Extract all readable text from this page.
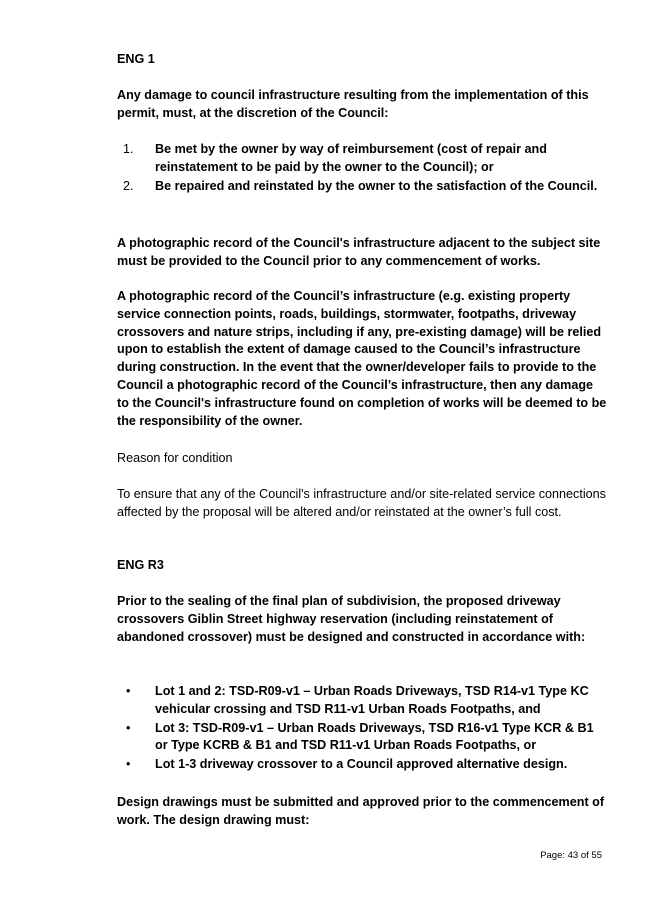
ENG 1
Any damage to council infrastructure resulting from the implementation of this permit, must, at the discretion of the Council:
1. Be met by the owner by way of reimbursement (cost of repair and reinstatement to be paid by the owner to the Council); or
2. Be repaired and reinstated by the owner to the satisfaction of the Council.
A photographic record of the Council's infrastructure adjacent to the subject site must be provided to the Council prior to any commencement of works.
A photographic record of the Council’s infrastructure (e.g. existing property service connection points, roads, buildings, stormwater, footpaths, driveway crossovers and nature strips, including if any, pre-existing damage) will be relied upon to establish the extent of damage caused to the Council’s infrastructure during construction. In the event that the owner/developer fails to provide to the Council a photographic record of the Council’s infrastructure, then any damage to the Council's infrastructure found on completion of works will be deemed to be the responsibility of the owner.
Reason for condition
To ensure that any of the Council's infrastructure and/or site-related service connections affected by the proposal will be altered and/or reinstated at the owner’s full cost.
ENG R3
Prior to the sealing of the final plan of subdivision, the proposed driveway crossovers Giblin Street highway reservation (including reinstatement of abandoned crossover) must be designed and constructed in accordance with:
• Lot 1 and 2: TSD-R09-v1 – Urban Roads Driveways, TSD R14-v1 Type KC vehicular crossing and TSD R11-v1 Urban Roads Footpaths, and
• Lot 3: TSD-R09-v1 – Urban Roads Driveways, TSD R16-v1 Type KCR & B1 or Type KCRB & B1 and TSD R11-v1 Urban Roads Footpaths, or
• Lot 1-3 driveway crossover to a Council approved alternative design.
Design drawings must be submitted and approved prior to the commencement of work. The design drawing must:
Page: 43 of 55
